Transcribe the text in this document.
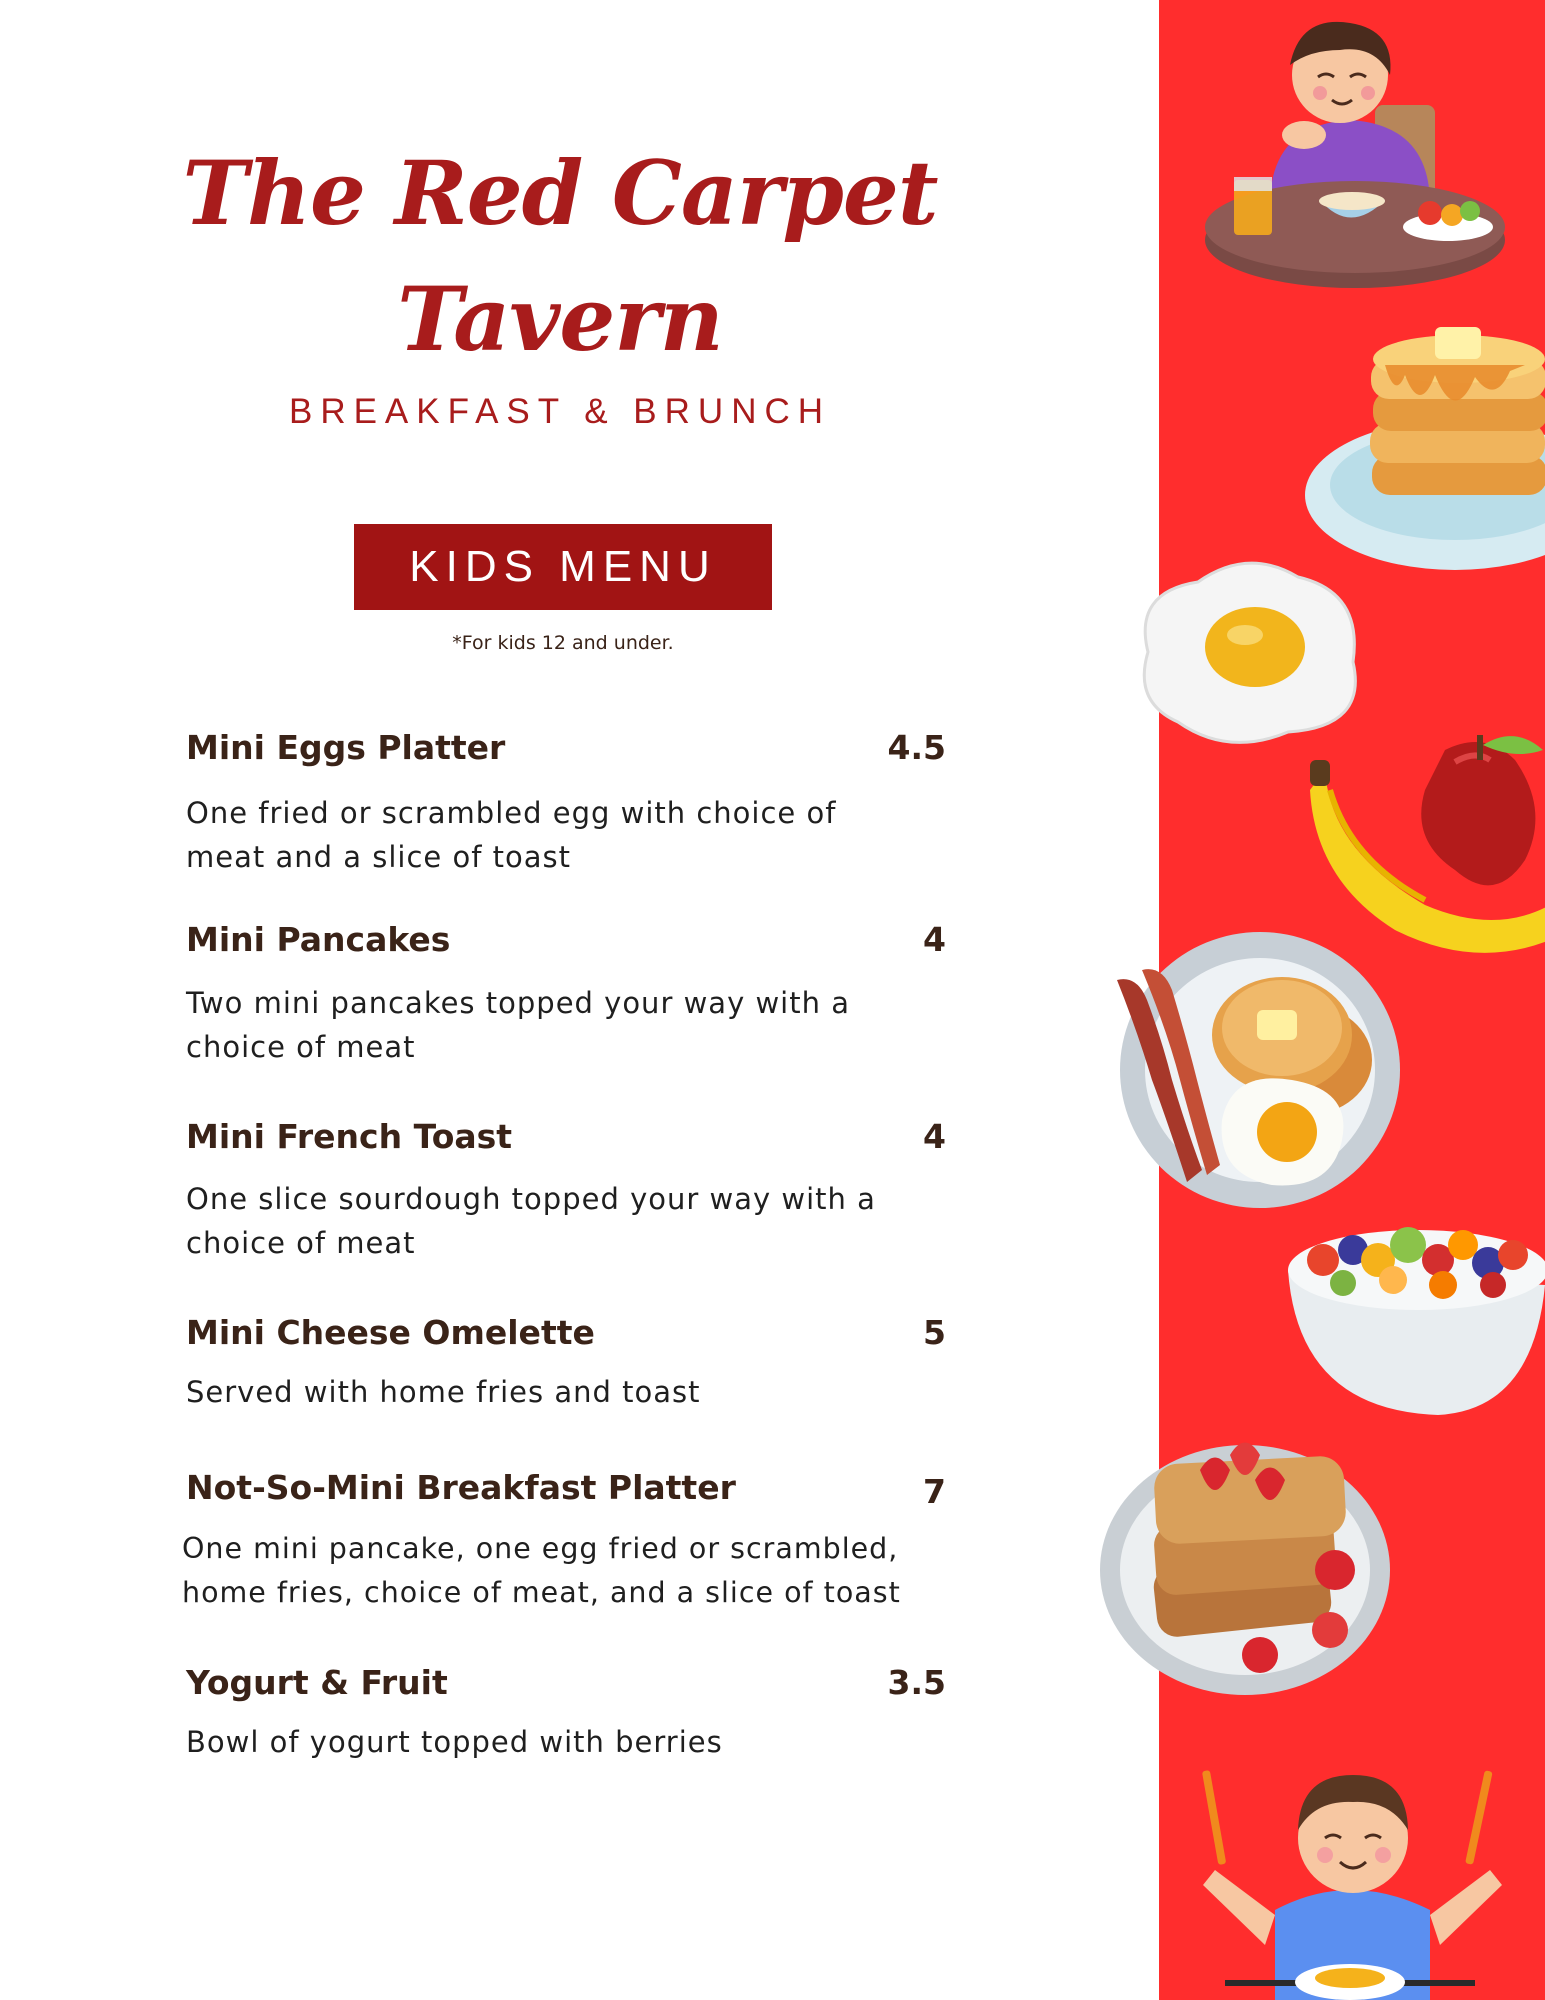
The Red Carpet
Tavern

BREAKFAST & BRUNCH

KIDS MENU
*For kids 12 and under.
Mini Eggs Platter	4.5
One fried or scrambled egg with choice of
meat and a slice of toast
Mini Pancakes	4
Two mini pancakes topped your way with a
choice of meat
Mini French Toast	4
One slice sourdough topped your way with a
choice of meat
Mini Cheese Omelette	5
Served with home fries and toast
Not-So-Mini Breakfast Platter	7
One mini pancake, one egg fried or scrambled,
home fries, choice of meat, and a slice of toast
Yogurt & Fruit	3.5
Bowl of yogurt topped with berries
